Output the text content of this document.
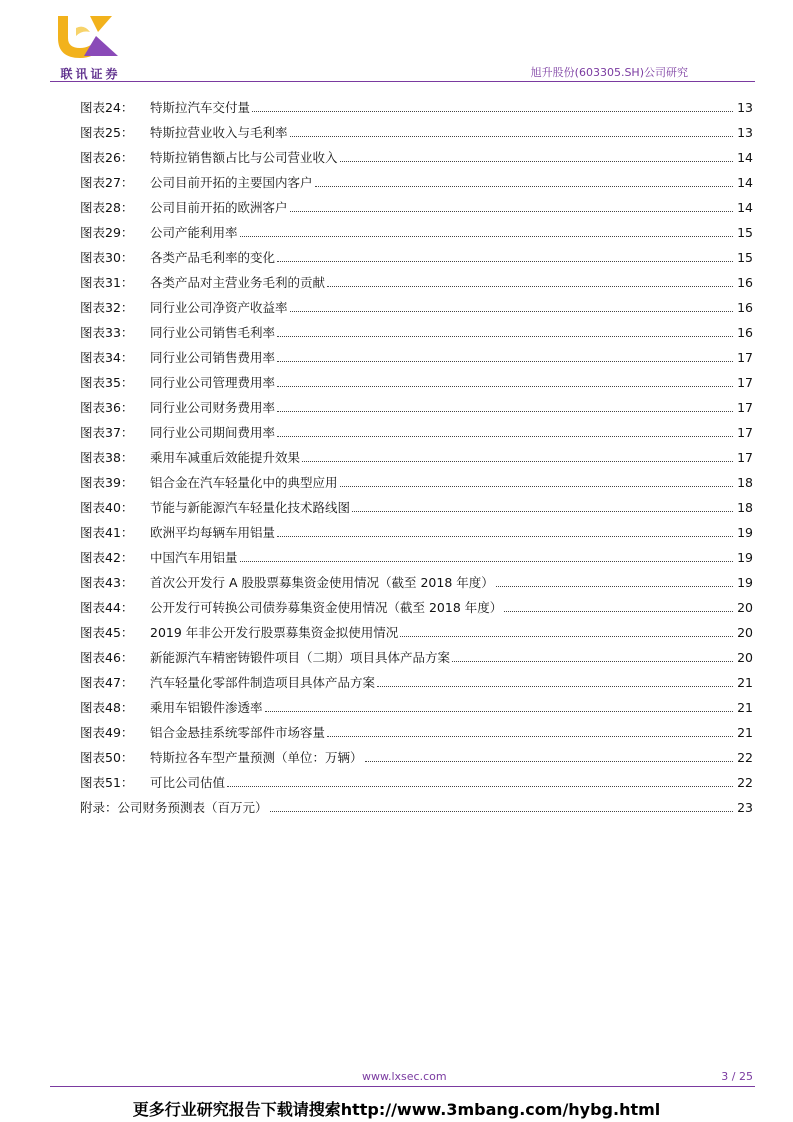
联讯证券	旭升股份(603305.SH)公司研究
图表24： 特斯拉汽车交付量	13
图表25： 特斯拉营业收入与毛利率	13
图表26： 特斯拉销售额占比与公司营业收入	14
图表27： 公司目前开拓的主要国内客户	14
图表28： 公司目前开拓的欧洲客户	14
图表29： 公司产能利用率	15
图表30： 各类产品毛利率的变化	15
图表31： 各类产品对主营业务毛利的贡献	16
图表32： 同行业公司净资产收益率	16
图表33： 同行业公司销售毛利率	16
图表34： 同行业公司销售费用率	17
图表35： 同行业公司管理费用率	17
图表36： 同行业公司财务费用率	17
图表37： 同行业公司期间费用率	17
图表38： 乘用车减重后效能提升效果	17
图表39： 铝合金在汽车轻量化中的典型应用	18
图表40： 节能与新能源汽车轻量化技术路线图	18
图表41： 欧洲平均每辆车用铝量	19
图表42： 中国汽车用铝量	19
图表43： 首次公开发行 A 股股票募集资金使用情况（截至 2018 年度）	19
图表44： 公开发行可转换公司债券募集资金使用情况（截至 2018 年度）	20
图表45： 2019 年非公开发行股票募集资金拟使用情况	20
图表46： 新能源汽车精密铸锻件项目（二期）项目具体产品方案	20
图表47： 汽车轻量化零部件制造项目具体产品方案	21
图表48： 乘用车铝锻件渗透率	21
图表49： 铝合金悬挂系统零部件市场容量	21
图表50： 特斯拉各车型产量预测（单位：万辆）	22
图表51： 可比公司估值	22
附录：公司财务预测表（百万元）	23
www.lxsec.com	3 / 25
更多行业研究报告下载请搜索http://www.3mbang.com/hybg.html
